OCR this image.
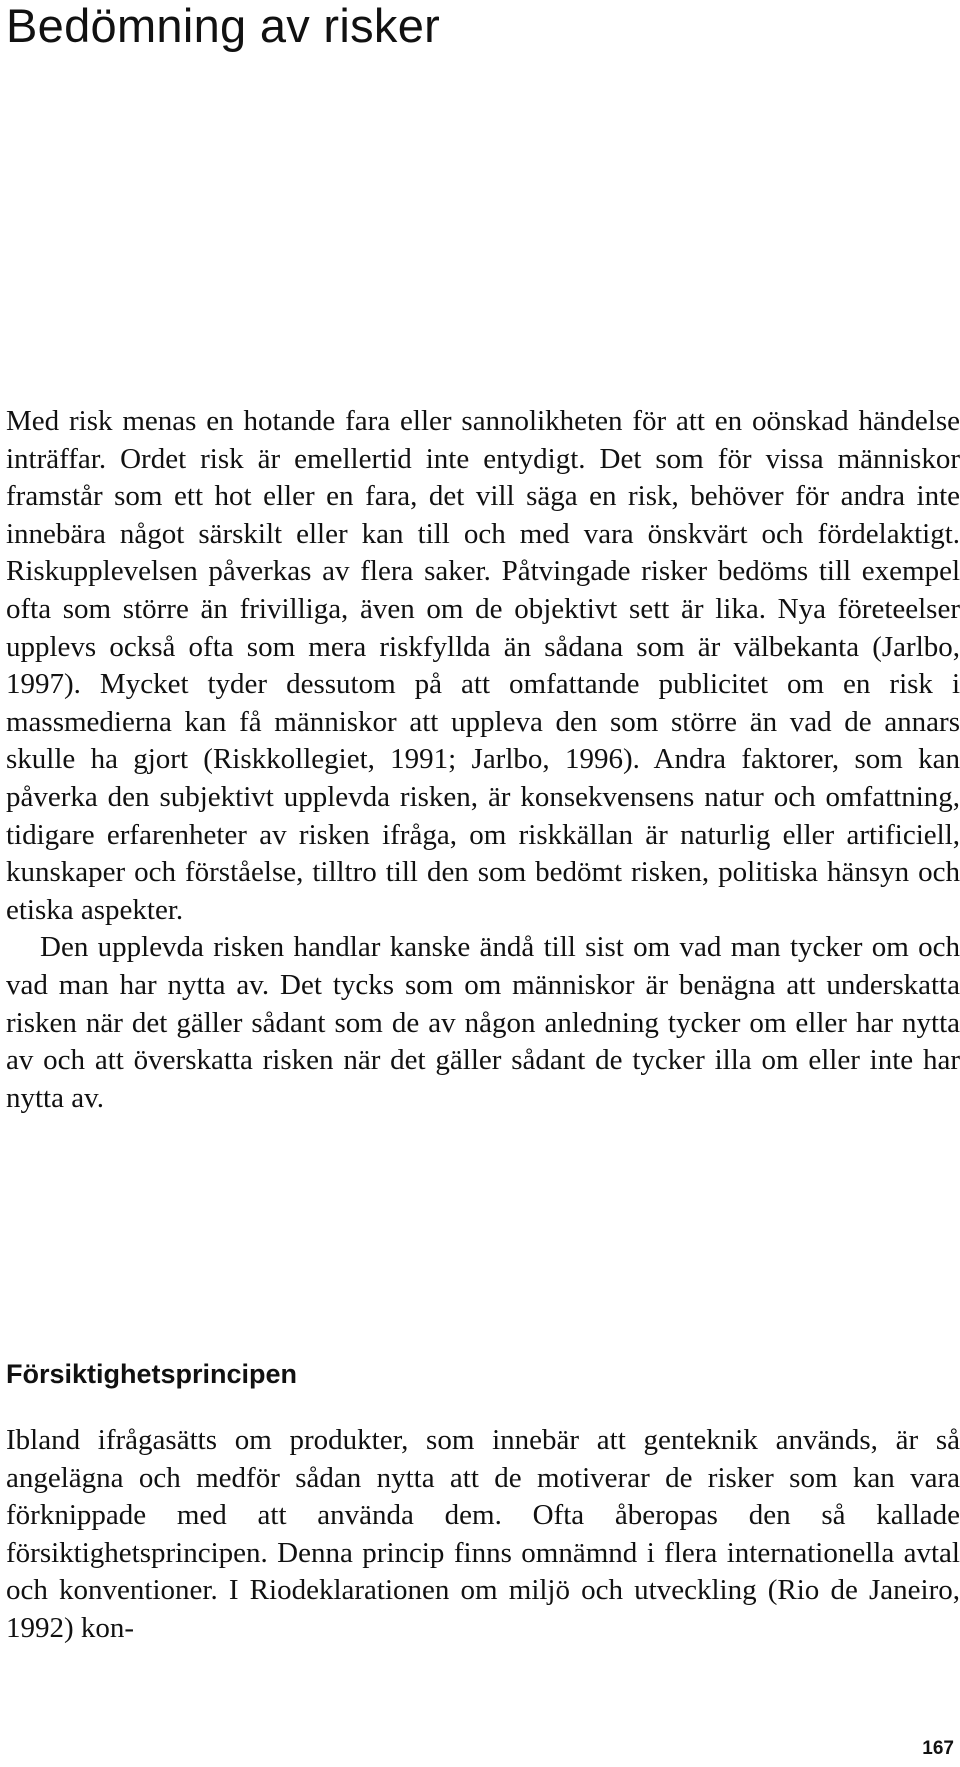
Bedömning av risker

Med risk menas en hotande fara eller sannolikheten för att en oönskad händelse inträffar. Ordet risk är emellertid inte entydigt. Det som för vissa människor framstår som ett hot eller en fara, det vill säga en risk, behöver för andra inte innebära något särskilt eller kan till och med vara önskvärt och fördelaktigt. Riskupplevelsen påverkas av flera saker. Påtvingade risker bedöms till exempel ofta som större än frivilliga, även om de objektivt sett är lika. Nya företeelser upplevs också ofta som mera riskfyllda än sådana som är välbekanta (Jarlbo, 1997). Mycket tyder dessutom på att omfattande publicitet om en risk i massmedierna kan få människor att uppleva den som större än vad de annars skulle ha gjort (Riskkollegiet, 1991; Jarlbo, 1996). Andra faktorer, som kan påverka den subjektivt upplevda risken, är konsekvensens natur och omfattning, tidigare erfarenheter av risken ifråga, om riskkällan är naturlig eller artificiell, kunskaper och förståelse, tilltro till den som bedömt risken, politiska hänsyn och etiska aspekter.

Den upplevda risken handlar kanske ändå till sist om vad man tycker om och vad man har nytta av. Det tycks som om människor är benägna att underskatta risken när det gäller sådant som de av någon anledning tycker om eller har nytta av och att överskatta risken när det gäller sådant de tycker illa om eller inte har nytta av.

Försiktighetsprincipen

Ibland ifrågasätts om produkter, som innebär att genteknik används, är så angelägna och medför sådan nytta att de motiverar de risker som kan vara förknippade med att använda dem. Ofta åberopas den så kallade försiktighetsprincipen. Denna princip finns omnämnd i flera internationella avtal och konventioner. I Riodeklarationen om miljö och utveckling (Rio de Janeiro, 1992) kon-

167
